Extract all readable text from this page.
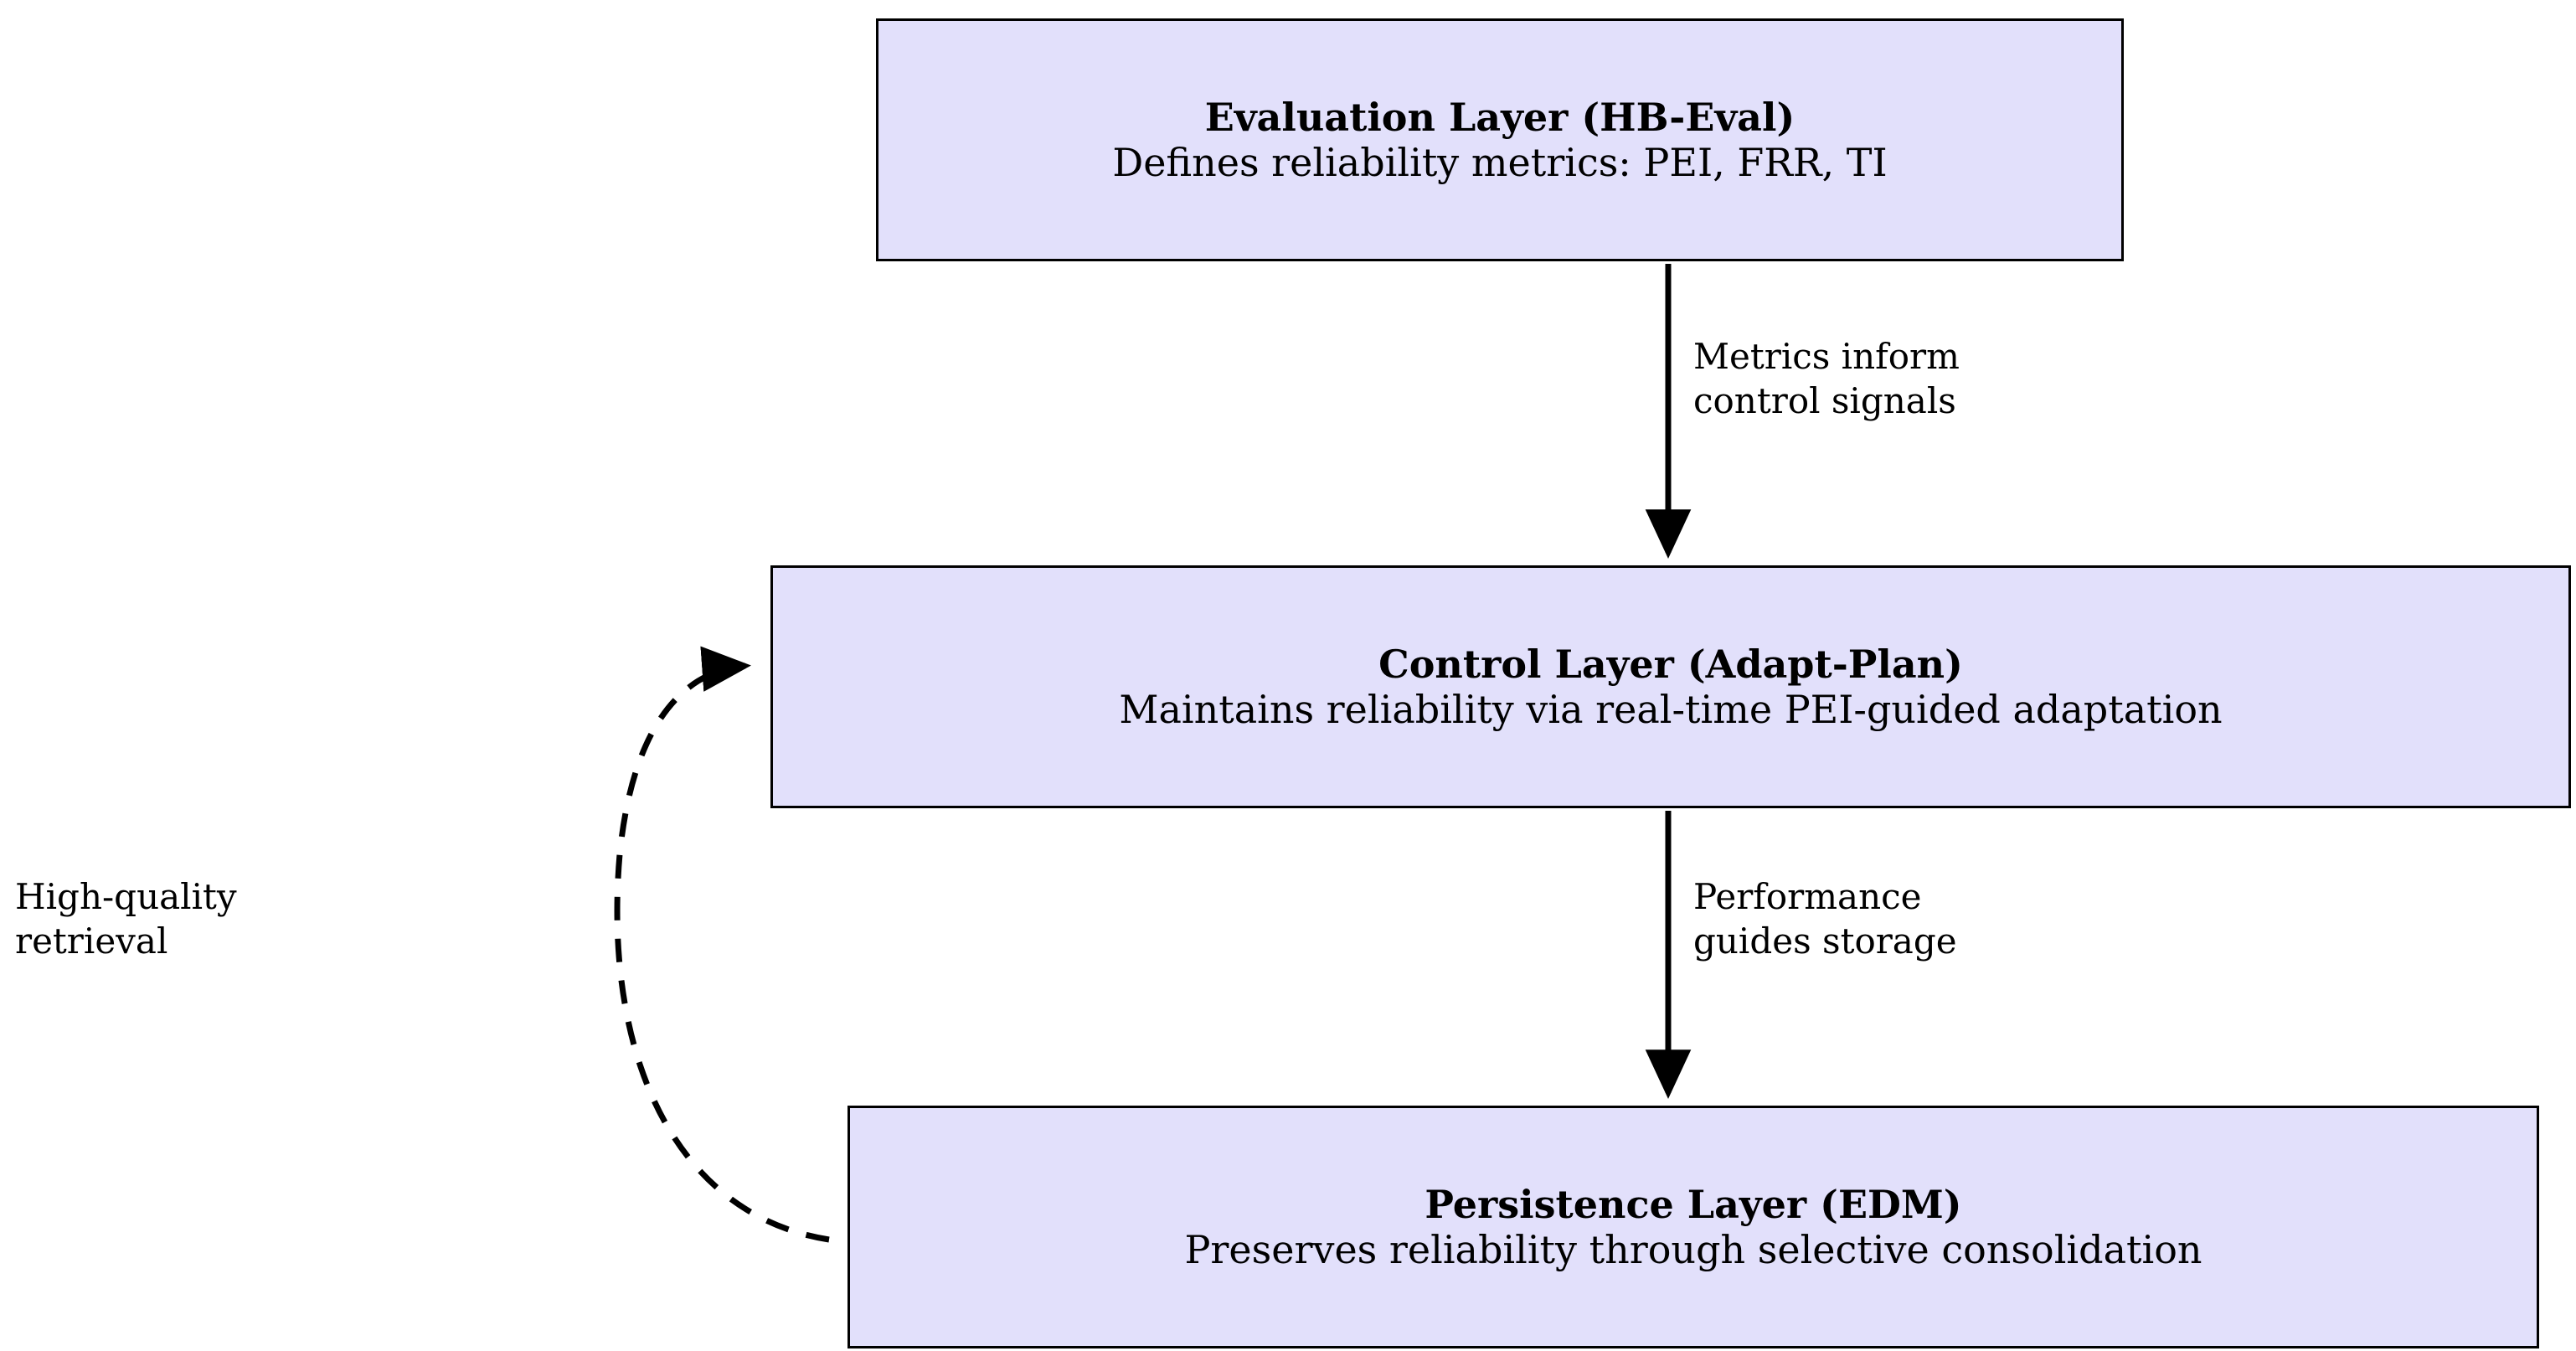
Evaluation Layer (HB-Eval)
Defines reliability metrics: PEI, FRR, TI
Control Layer (Adapt-Plan)
Maintains reliability via real-time PEI-guided adaptation
Persistence Layer (EDM)
Preserves reliability through selective consolidation
Metrics inform
control signals
Performance
guides storage
High-quality
retrieval
